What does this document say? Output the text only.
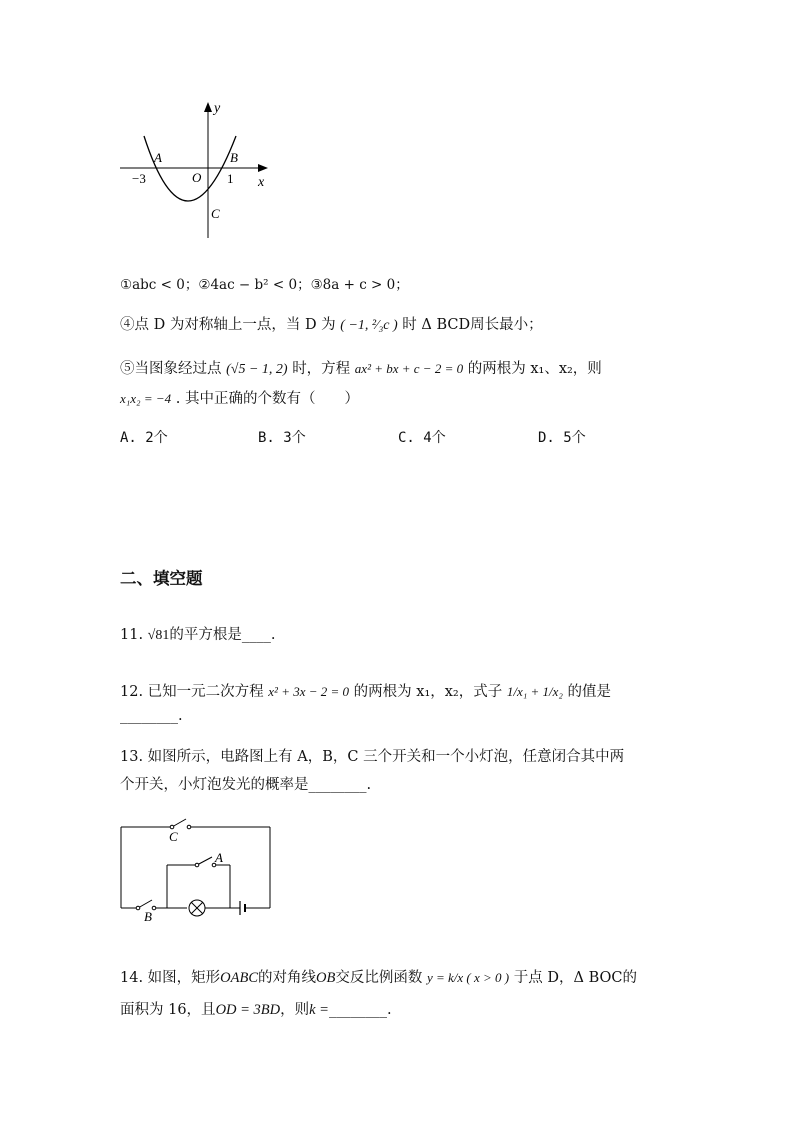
y
x
A	B
C
O
−3	1
①abc < 0；②4ac − b² < 0；③8a + c > 0；
④点 D 为对称轴上一点，当 D 为 ( −1, ²⁄₃c ) 时 Δ BCD周长最小；
⑤当图象经过点 (√5 − 1, 2) 时，方程 ax² + bx + c − 2 = 0 的两根为 x₁、x₂，则
x₁x₂ = −4 . 其中正确的个数有（　　）
A. 2个	B. 3个	C. 4个	D. 5个
二、填空题
11. √81的平方根是____.
12. 已知一元二次方程 x² + 3x − 2 = 0 的两根为 x₁，x₂，式子 1/x₁ + 1/x₂ 的值是
________.
13. 如图所示，电路图上有 A，B，C 三个开关和一个小灯泡，任意闭合其中两
个开关，小灯泡发光的概率是________.
C
A
B
14. 如图，矩形OABC的对角线OB交反比例函数 y = k/x ( x > 0 ) 于点 D，Δ BOC的
面积为 16，且OD = 3BD，则k =________.
